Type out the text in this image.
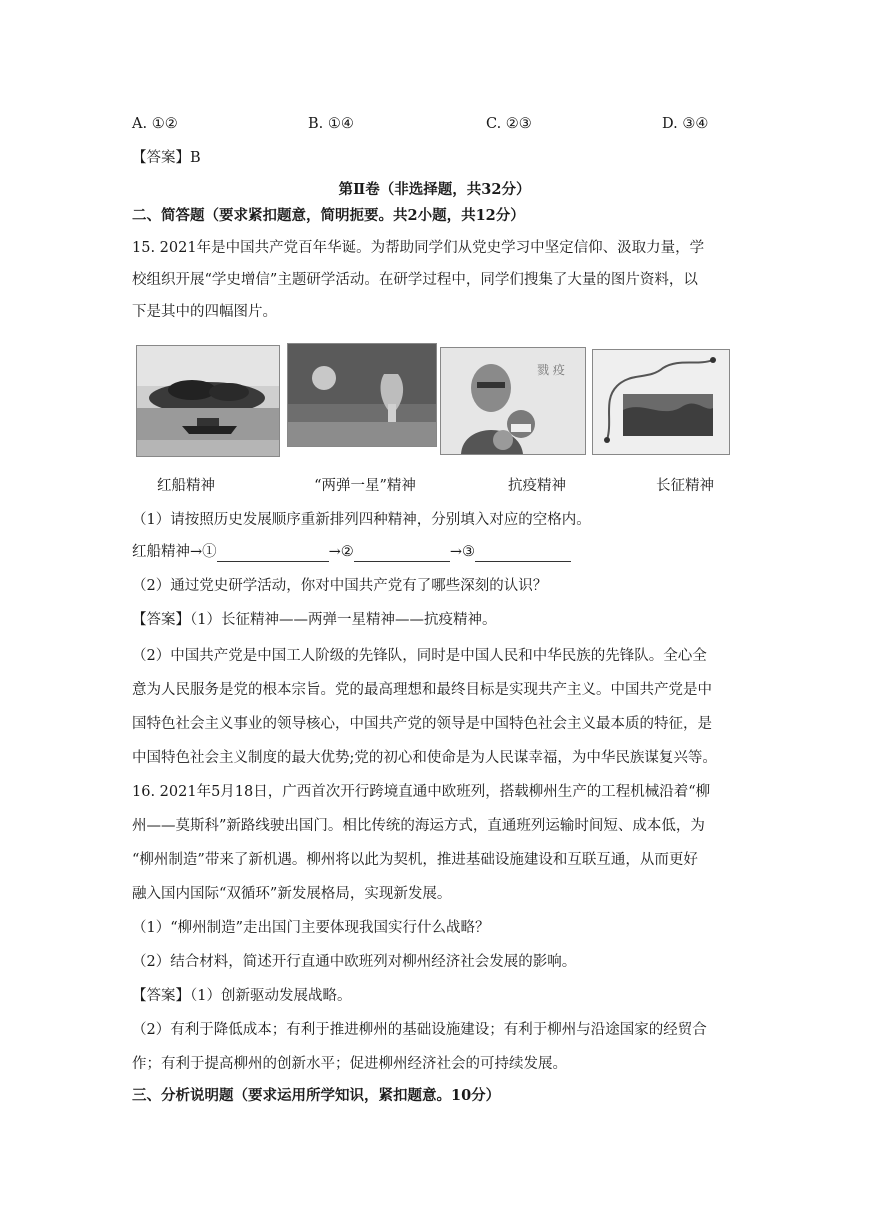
A. ①②	B. ①④	C. ②③	D. ③④
【答案】B
第Ⅱ卷（非选择题，共32分）
二、简答题（要求紧扣题意，简明扼要。共2小题，共12分）
15. 2021年是中国共产党百年华诞。为帮助同学们从党史学习中坚定信仰、汲取力量，学
校组织开展“学史增信”主题研学活动。在研学过程中，同学们搜集了大量的图片资料，以
下是其中的四幅图片。
戮 疫
红船精神	“两弹一星”精神	抗疫精神	长征精神
（1）请按照历史发展顺序重新排列四种精神，分别填入对应的空格内。
红船精神→①	→②	→③
（2）通过党史研学活动，你对中国共产党有了哪些深刻的认识？
【答案】（1）长征精神——两弹一星精神——抗疫精神。
（2）中国共产党是中国工人阶级的先锋队，同时是中国人民和中华民族的先锋队。全心全
意为人民服务是党的根本宗旨。党的最高理想和最终目标是实现共产主义。中国共产党是中
国特色社会主义事业的领导核心，中国共产党的领导是中国特色社会主义最本质的特征，是
中国特色社会主义制度的最大优势;党的初心和使命是为人民谋幸福，为中华民族谋复兴等。
16. 2021年5月18日，广西首次开行跨境直通中欧班列，搭载柳州生产的工程机械沿着“柳
州——莫斯科”新路线驶出国门。相比传统的海运方式，直通班列运输时间短、成本低，为
“柳州制造”带来了新机遇。柳州将以此为契机，推进基础设施建设和互联互通，从而更好
融入国内国际“双循环”新发展格局，实现新发展。
（1）“柳州制造”走出国门主要体现我国实行什么战略？
（2）结合材料，简述开行直通中欧班列对柳州经济社会发展的影响。
【答案】（1）创新驱动发展战略。
（2）有利于降低成本；有利于推进柳州的基础设施建设；有利于柳州与沿途国家的经贸合
作；有利于提高柳州的创新水平；促进柳州经济社会的可持续发展。
三、分析说明题（要求运用所学知识，紧扣题意。10分）
